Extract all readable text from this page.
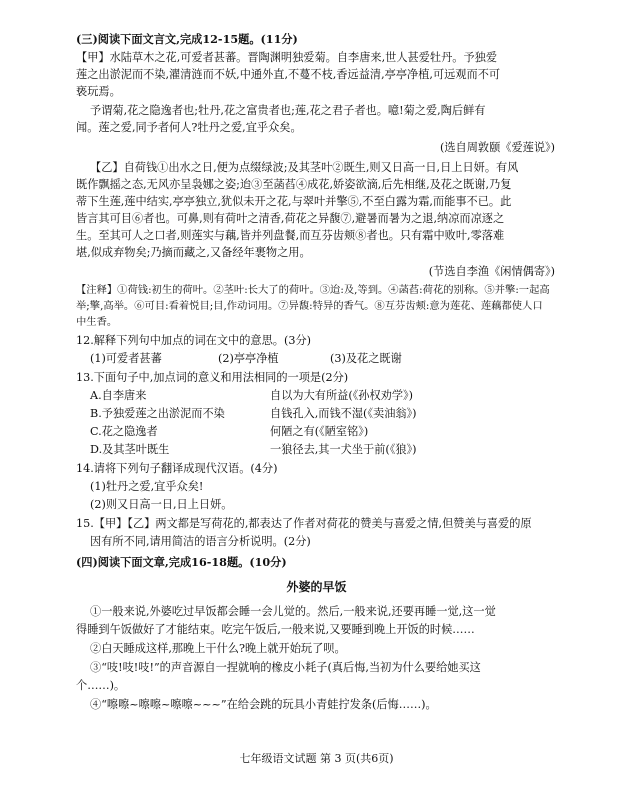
(三)阅读下面文言文,完成12-15题。(11分)
【甲】水陆草木之花,可爱者甚蕃。晋陶渊明独爱菊。自李唐来,世人甚爱牡丹。予独爱
莲之出淤泥而不染,濯清涟而不妖,中通外直,不蔓不枝,香远益清,亭亭净植,可远观而不可
亵玩焉。
予谓菊,花之隐逸者也;牡丹,花之富贵者也;莲,花之君子者也。噫!菊之爱,陶后鲜有
闻。莲之爱,同予者何人?牡丹之爱,宜乎众矣。
(选自周敦颐《爱莲说》)
【乙】自荷钱①出水之日,便为点缀绿波;及其茎叶②既生,则又日高一日,日上日妍。有风
既作飘摇之态,无风亦呈袅娜之姿;迨③至菡萏④成花,娇姿欲滴,后先相继,及花之既谢,乃复
蒂下生莲,莲中结实,亭亭独立,犹似未开之花,与翠叶并擎⑤,不至白露为霜,而能事不已。此
皆言其可目⑥者也。可鼻,则有荷叶之清香,荷花之异馥⑦,避暑而暑为之退,纳凉而凉逐之
生。至其可人之口者,则莲实与藕,皆并列盘餐,而互芬齿颊⑧者也。只有霜中败叶,零落难
堪,似成弃物矣;乃摘而藏之,又备经年裹物之用。
(节选自李渔《闲情偶寄》)
【注释】①荷钱:初生的荷叶。②茎叶:长大了的荷叶。③迨:及,等到。④菡萏:荷花的别称。⑤并擎:一起高
举;擎,高举。⑥可目:看着悦目;目,作动词用。⑦异馥:特异的香气。⑧互芬齿颊:意为莲花、莲藕都使人口
中生香。
12.解释下列句中加点的词在文中的意思。(3分)
(1)可爱者甚蕃	(2)亭亭净植	(3)及花之既谢
13.下面句子中,加点词的意义和用法相同的一项是(2分)
A.自李唐来	自以为大有所益(《孙权劝学》)
B.予独爱莲之出淤泥而不染	自钱孔入,而钱不湿(《卖油翁》)
C.花之隐逸者	何陋之有(《陋室铭》)
D.及其茎叶既生	一狼径去,其一犬坐于前(《狼》)
14.请将下列句子翻译成现代汉语。(4分)
(1)牡丹之爱,宜乎众矣!
(2)则又日高一日,日上日妍。
15.【甲】【乙】两文都是写荷花的,都表达了作者对荷花的赞美与喜爱之情,但赞美与喜爱的原
因有所不同,请用简洁的语言分析说明。(2分)
(四)阅读下面文章,完成16-18题。(10分)
外婆的早饭
①一般来说,外婆吃过早饭都会睡一会儿觉的。然后,一般来说,还要再睡一觉,这一觉
得睡到午饭做好了才能结束。吃完午饭后,一般来说,又要睡到晚上开饭的时候……
②白天睡成这样,那晚上干什么?晚上就开始玩了呗。
③“吱!吱!吱!”的声音源自一捏就响的橡皮小耗子(真后悔,当初为什么要给她买这
个……)。
④“嚓嚓~嚓嚓~嚓嚓~~~”在给会跳的玩具小青蛙拧发条(后悔……)。
七年级语文试题 第 3 页(共6页)
